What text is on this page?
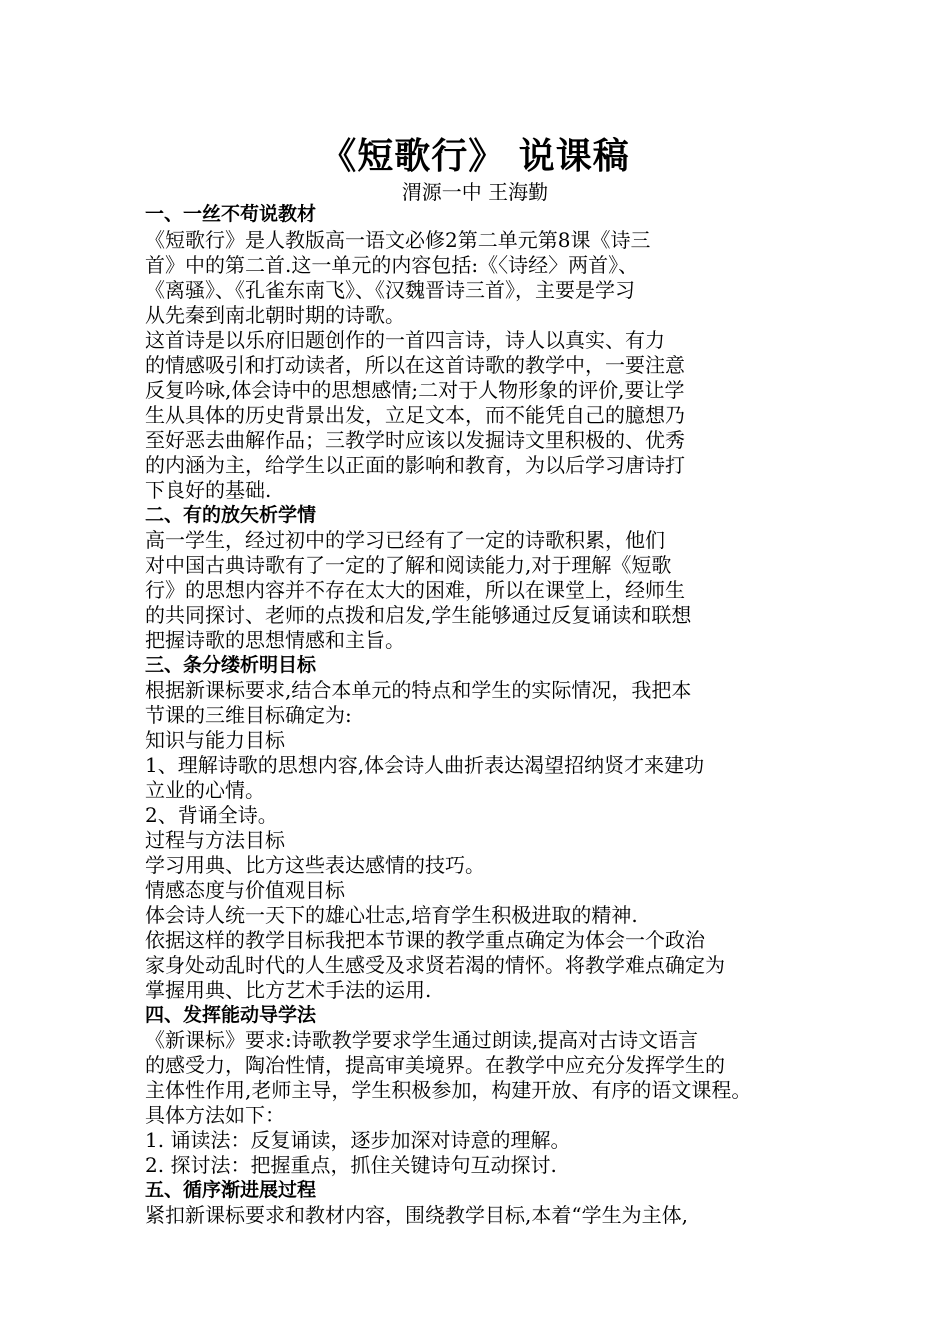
《短歌行》 说课稿
渭源一中 王海勤
一、一丝不苟说教材
《短歌行》是人教版高一语文必修2第二单元第8课《诗三
首》中的第二首.这一单元的内容包括:《〈诗经〉两首》、
《离骚》、《孔雀东南飞》、《汉魏晋诗三首》，主要是学习
从先秦到南北朝时期的诗歌。
这首诗是以乐府旧题创作的一首四言诗，诗人以真实、有力
的情感吸引和打动读者，所以在这首诗歌的教学中，一要注意
反复吟咏,体会诗中的思想感情;二对于人物形象的评价,要让学
生从具体的历史背景出发，立足文本，而不能凭自己的臆想乃
至好恶去曲解作品；三教学时应该以发掘诗文里积极的、优秀
的内涵为主，给学生以正面的影响和教育，为以后学习唐诗打
下良好的基础.
二、有的放矢析学情
高一学生，经过初中的学习已经有了一定的诗歌积累，他们
对中国古典诗歌有了一定的了解和阅读能力,对于理解《短歌
行》的思想内容并不存在太大的困难，所以在课堂上，经师生
的共同探讨、老师的点拨和启发,学生能够通过反复诵读和联想
把握诗歌的思想情感和主旨。
三、条分缕析明目标
根据新课标要求,结合本单元的特点和学生的实际情况，我把本
节课的三维目标确定为:
知识与能力目标
1、理解诗歌的思想内容,体会诗人曲折表达渴望招纳贤才来建功
立业的心情。
2、背诵全诗。
过程与方法目标
学习用典、比方这些表达感情的技巧。
情感态度与价值观目标
体会诗人统一天下的雄心壮志,培育学生积极进取的精神.
依据这样的教学目标我把本节课的教学重点确定为体会一个政治
家身处动乱时代的人生感受及求贤若渴的情怀。将教学难点确定为
掌握用典、比方艺术手法的运用.
四、发挥能动导学法
《新课标》要求:诗歌教学要求学生通过朗读,提高对古诗文语言
的感受力，陶冶性情，提高审美境界。在教学中应充分发挥学生的
主体性作用,老师主导，学生积极参加，构建开放、有序的语文课程。
具体方法如下：
1. 诵读法：反复诵读，逐步加深对诗意的理解。
2. 探讨法：把握重点，抓住关键诗句互动探讨.
五、循序渐进展过程
紧扣新课标要求和教材内容，围绕教学目标,本着“学生为主体,
